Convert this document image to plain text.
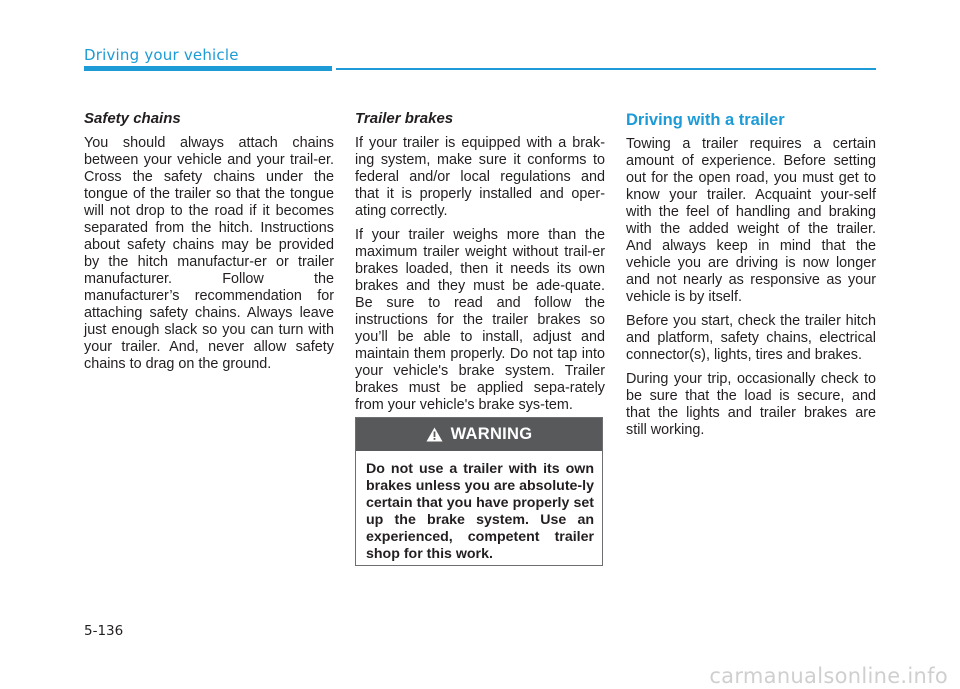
Driving your vehicle
Safety chains

You should always attach chains between your vehicle and your trail-er. Cross the safety chains under the tongue of the trailer so that the tongue will not drop to the road if it becomes separated from the hitch. Instructions about safety chains may be provided by the hitch manufactur-er or trailer manufacturer. Follow the manufacturer’s recommendation for attaching safety chains. Always leave just enough slack so you can turn with your trailer. And, never allow safety chains to drag on the ground.

Trailer brakes

If your trailer is equipped with a brak-ing system, make sure it conforms to federal and/or local regulations and that it is properly installed and oper-ating correctly.

If your trailer weighs more than the maximum trailer weight without trail-er brakes loaded, then it needs its own brakes and they must be ade-quate. Be sure to read and follow the instructions for the trailer brakes so you’ll be able to install, adjust and maintain them properly. Do not tap into your vehicle's brake system. Trailer brakes must be applied sepa-rately from your vehicle's brake sys-tem.

WARNING
Do not use a trailer with its own brakes unless you are absolute-ly certain that you have properly set up the brake system. Use an experienced, competent trailer shop for this work.
Driving with a trailer

Towing a trailer requires a certain amount of experience. Before setting out for the open road, you must get to know your trailer. Acquaint your-self with the feel of handling and braking with the added weight of the trailer. And always keep in mind that the vehicle you are driving is now longer and not nearly as responsive as your vehicle is by itself.

Before you start, check the trailer hitch and platform, safety chains, electrical connector(s), lights, tires and brakes.

During your trip, occasionally check to be sure that the load is secure, and that the lights and trailer brakes are still working.

5-136
carmanualsonline.info
